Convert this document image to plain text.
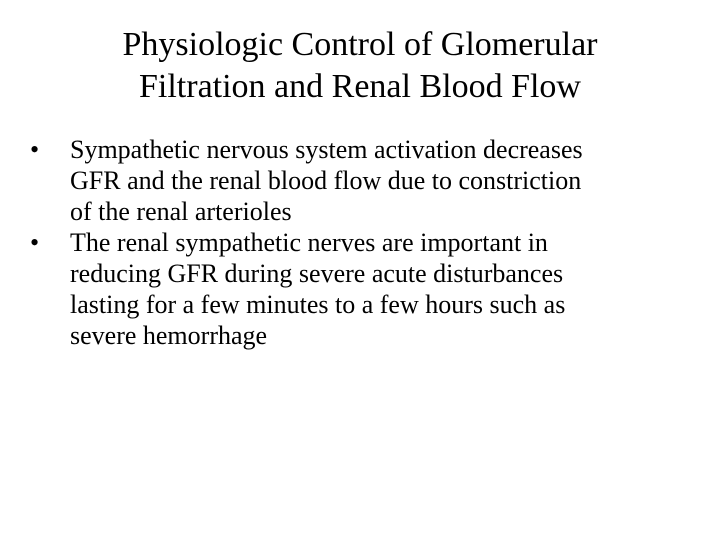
Physiologic Control of Glomerular
Filtration and Renal Blood Flow
• Sympathetic nervous system activation decreases
GFR and the renal blood flow due to constriction
of the renal arterioles
• The renal sympathetic nerves are important in
reducing GFR during severe acute disturbances
lasting for a few minutes to a few hours such as
severe hemorrhage
